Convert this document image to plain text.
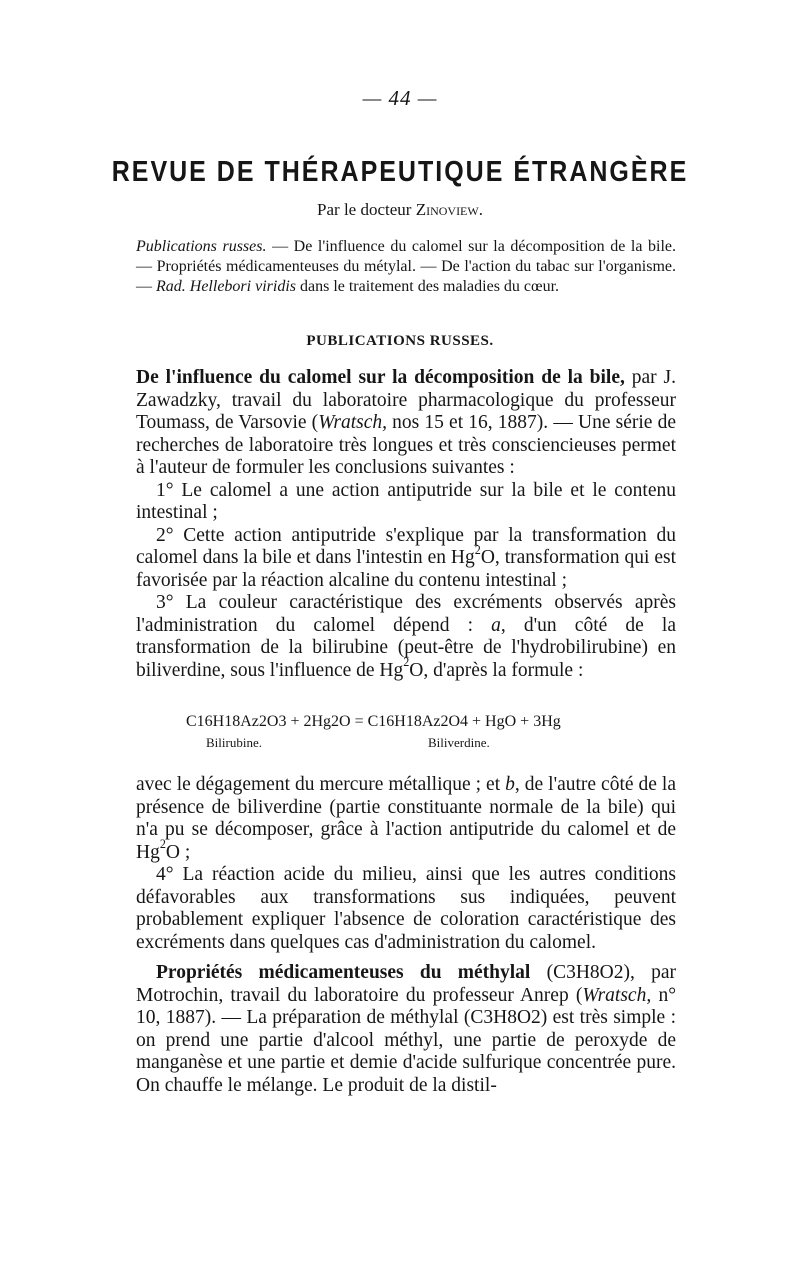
— 44 —
REVUE DE THÉRAPEUTIQUE ÉTRANGÈRE
Par le docteur Zinoview.
Publications russes. — De l'influence du calomel sur la décomposition de la bile. — Propriétés médicamenteuses du métylal. — De l'action du tabac sur l'organisme. — Rad. Hellebori viridis dans le traitement des maladies du cœur.
PUBLICATIONS RUSSES.

De l'influence du calomel sur la décomposition de la bile, par J. Zawadzky, travail du laboratoire pharmacologique du professeur Toumass, de Varsovie (Wratsch, nos 15 et 16, 1887). — Une série de recherches de laboratoire très longues et très consciencieuses permet à l'auteur de formuler les conclusions suivantes :

1° Le calomel a une action antiputride sur la bile et le contenu intestinal ;

2° Cette action antiputride s'explique par la transformation du calomel dans la bile et dans l'intestin en Hg$^2$O, transformation qui est favorisée par la réaction alcaline du contenu intestinal ;

3° La couleur caractéristique des excréments observés après l'administration du calomel dépend : a, d'un côté de la transformation de la bilirubine (peut-être de l'hydrobilirubine) en biliverdine, sous l'influence de Hg$^2$O, d'après la formule :

C16H18Az2O3 + 2Hg2O = C16H18Az2O4 + HgO + 3Hg
Bilirubine.	Biliverdine.

avec le dégagement du mercure métallique ; et b, de l'autre côté de la présence de biliverdine (partie constituante normale de la bile) qui n'a pu se décomposer, grâce à l'action antiputride du calomel et de Hg$^2$O ;

4° La réaction acide du milieu, ainsi que les autres conditions défavorables aux transformations sus indiquées, peuvent probablement expliquer l'absence de coloration caractéristique des excréments dans quelques cas d'administration du calomel.

Propriétés médicamenteuses du méthylal (C3H8O2), par Motrochin, travail du laboratoire du professeur Anrep (Wratsch, n° 10, 1887). — La préparation de méthylal (C3H8O2) est très simple : on prend une partie d'alcool méthyl, une partie de peroxyde de manganèse et une partie et demie d'acide sulfurique concentrée pure. On chauffe le mélange. Le produit de la distil-
